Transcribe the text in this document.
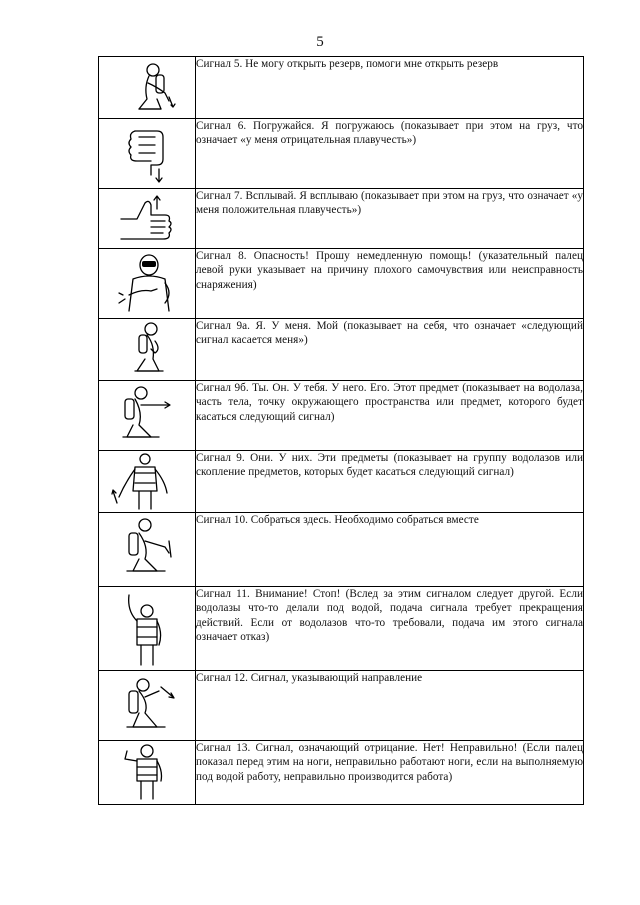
5
	Сигнал 5. Не могу открыть резерв, помоги мне открыть резерв

	Сигнал 6. Погружайся. Я погружаюсь (показывает при этом на груз, что означает «у меня отрицательная плавучесть»)

	Сигнал 7. Всплывай. Я всплываю (показывает при этом на груз, что означает «у меня положительная плавучесть»)

	Сигнал 8. Опасность! Прошу немедленную помощь! (указательный палец левой руки указывает на причину плохого самочувствия или неисправность снаряжения)

	Сигнал 9а. Я. У меня. Мой (показывает на себя, что означает «следующий сигнал касается меня»)

	Сигнал 9б. Ты. Он. У тебя. У него. Его. Этот предмет (показывает на водолаза, часть тела, точку окружающего пространства или предмет, которого будет касаться следующий сигнал)

	Сигнал 9. Они. У них. Эти предметы (показывает на группу водолазов или скопление предметов, которых будет касаться следующий сигнал)

	Сигнал 10. Собраться здесь. Необходимо собраться вместе

	Сигнал 11. Внимание! Стоп! (Вслед за этим сигналом следует другой. Если водолазы что-то делали под водой, подача сигнала требует прекращения действий. Если от водолазов что-то требовали, подача им этого сигнала означает отказ)

	Сигнал 12. Сигнал, указывающий направление

	Сигнал 13. Сигнал, означающий отрицание. Нет! Неправильно! (Если палец показал перед этим на ноги, неправильно работают ноги, если на выполняемую под водой работу, неправильно производится работа)
